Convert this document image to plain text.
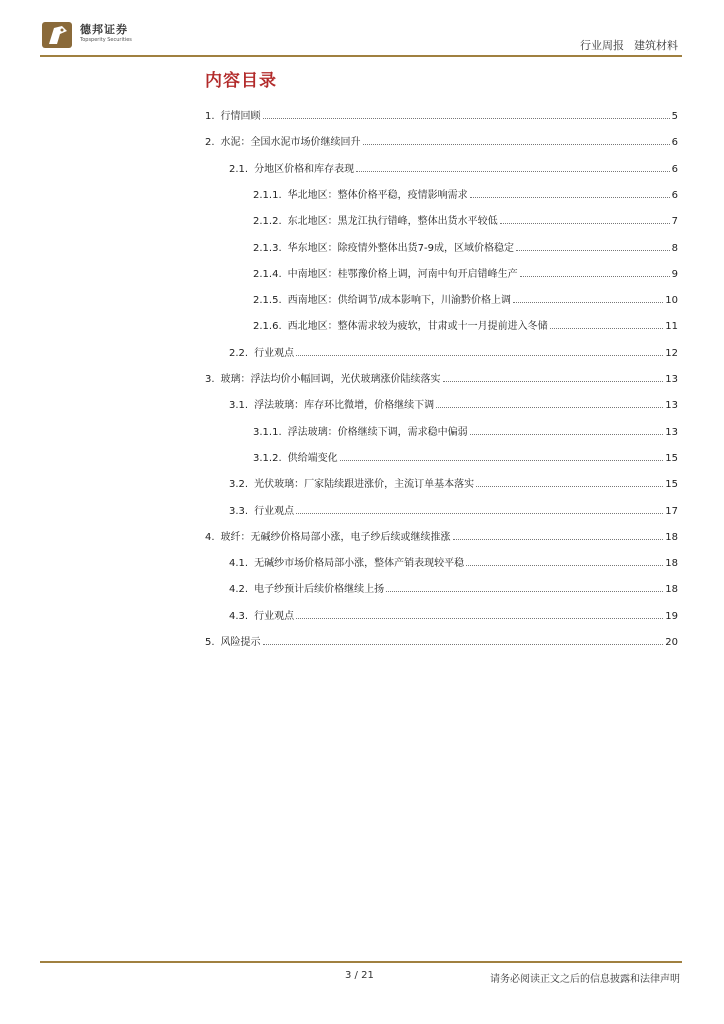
德邦证券
Topsperity Securities	行业周报 建筑材料
内容目录
1. 行情回顾	5
2. 水泥：全国水泥市场价继续回升	6
2.1. 分地区价格和库存表现	6
2.1.1. 华北地区：整体价格平稳，疫情影响需求	6
2.1.2. 东北地区：黑龙江执行错峰，整体出货水平较低	7
2.1.3. 华东地区：除疫情外整体出货7-9成，区域价格稳定	8
2.1.4. 中南地区：桂鄂豫价格上调，河南中旬开启错峰生产	9
2.1.5. 西南地区：供给调节/成本影响下，川渝黔价格上调	10
2.1.6. 西北地区：整体需求较为疲软，甘肃或十一月提前进入冬储	11
2.2. 行业观点	12
3. 玻璃：浮法均价小幅回调，光伏玻璃涨价陆续落实	13
3.1. 浮法玻璃：库存环比微增，价格继续下调	13
3.1.1. 浮法玻璃：价格继续下调，需求稳中偏弱	13
3.1.2. 供给端变化	15
3.2. 光伏玻璃：厂家陆续跟进涨价，主流订单基本落实	15
3.3. 行业观点	17
4. 玻纤：无碱纱价格局部小涨，电子纱后续或继续推涨	18
4.1. 无碱纱市场价格局部小涨，整体产销表现较平稳	18
4.2. 电子纱预计后续价格继续上扬	18
4.3. 行业观点	19
5. 风险提示	20
3 / 21	请务必阅读正文之后的信息披露和法律声明
